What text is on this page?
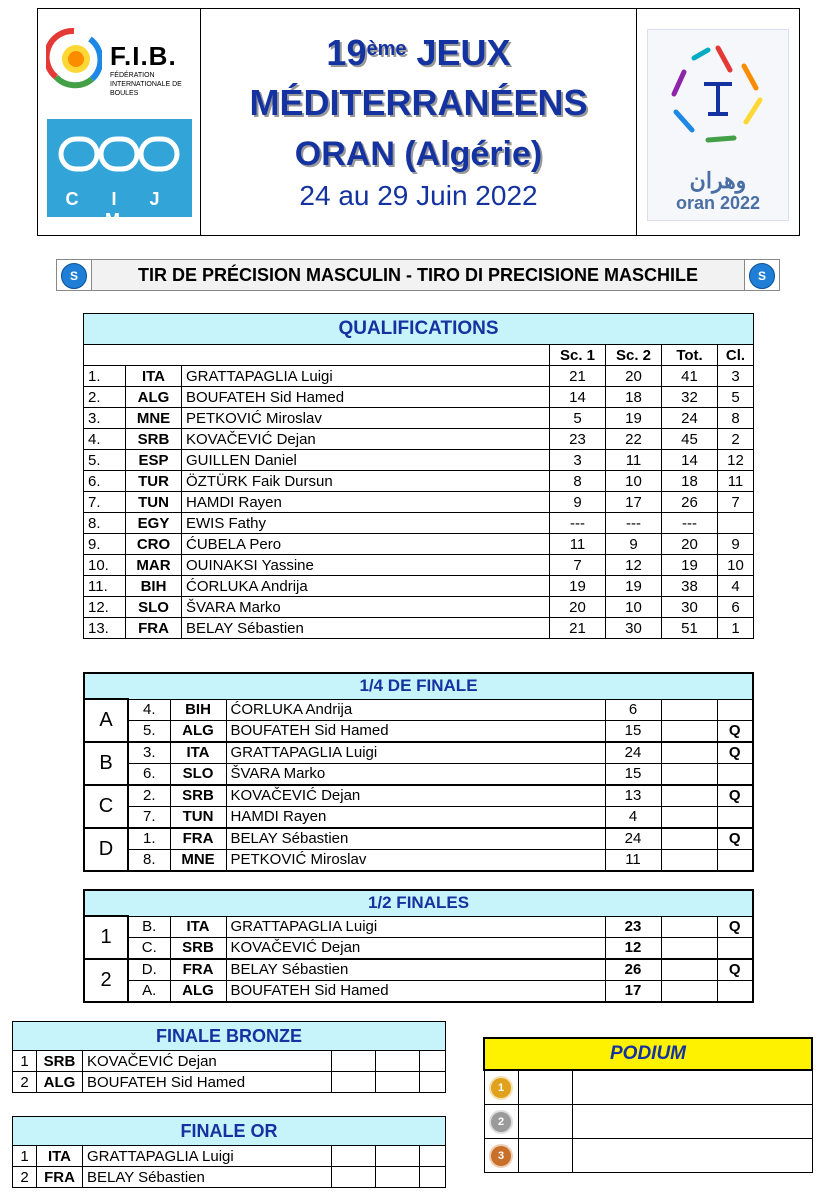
F.I.B.
FÉDÉRATION INTERNATIONALE DE BOULES
C I J M
19ème JEUX
MÉDITERRANÉENS
ORAN (Algérie)
24 au 29 Juin 2022	وهران
oran 2022
S	TIR DE PRÉCISION MASCULIN - TIRO DI PRECISIONE MASCHILE	S
QUALIFICATIONS						
			Sc. 1	Sc. 2	Tot.	Cl.
1.	ITA	GRATTAPAGLIA Luigi	21	20	41	3
2.	ALG	BOUFATEH Sid Hamed	14	18	32	5
3.	MNE	PETKOVIĆ Miroslav	5	19	24	8
4.	SRB	KOVAČEVIĆ Dejan	23	22	45	2
5.	ESP	GUILLEN Daniel	3	11	14	12
6.	TUR	ÖZTÜRK Faik Dursun	8	10	18	11
7.	TUN	HAMDI Rayen	9	17	26	7
8.	EGY	EWIS Fathy	---	---	---	
9.	CRO	ĆUBELA Pero	11	9	20	9
10.	MAR	OUINAKSI Yassine	7	12	19	10
11.	BIH	ĆORLUKA Andrija	19	19	38	4
12.	SLO	ŠVARA Marko	20	10	30	6
13.	FRA	BELAY Sébastien	21	30	51	1
1/4 DE FINALE						
A	4.	BIH	ĆORLUKA Andrija	6		
	5.	ALG	BOUFATEH Sid Hamed	15		Q
B	3.	ITA	GRATTAPAGLIA Luigi	24		Q
	6.	SLO	ŠVARA Marko	15		
C	2.	SRB	KOVAČEVIĆ Dejan	13		Q
	7.	TUN	HAMDI Rayen	4		
D	1.	FRA	BELAY Sébastien	24		Q
	8.	MNE	PETKOVIĆ Miroslav	11		
1/2 FINALES						
1	B.	ITA	GRATTAPAGLIA Luigi	23		Q
	C.	SRB	KOVAČEVIĆ Dejan	12		
2	D.	FRA	BELAY Sébastien	26		Q
	A.	ALG	BOUFATEH Sid Hamed	17		
FINALE BRONZE					
1	SRB	KOVAČEVIĆ Dejan			
2	ALG	BOUFATEH Sid Hamed			
FINALE OR					
1	ITA	GRATTAPAGLIA Luigi			
2	FRA	BELAY Sébastien			
PODIUM		
1		
2		
3		
